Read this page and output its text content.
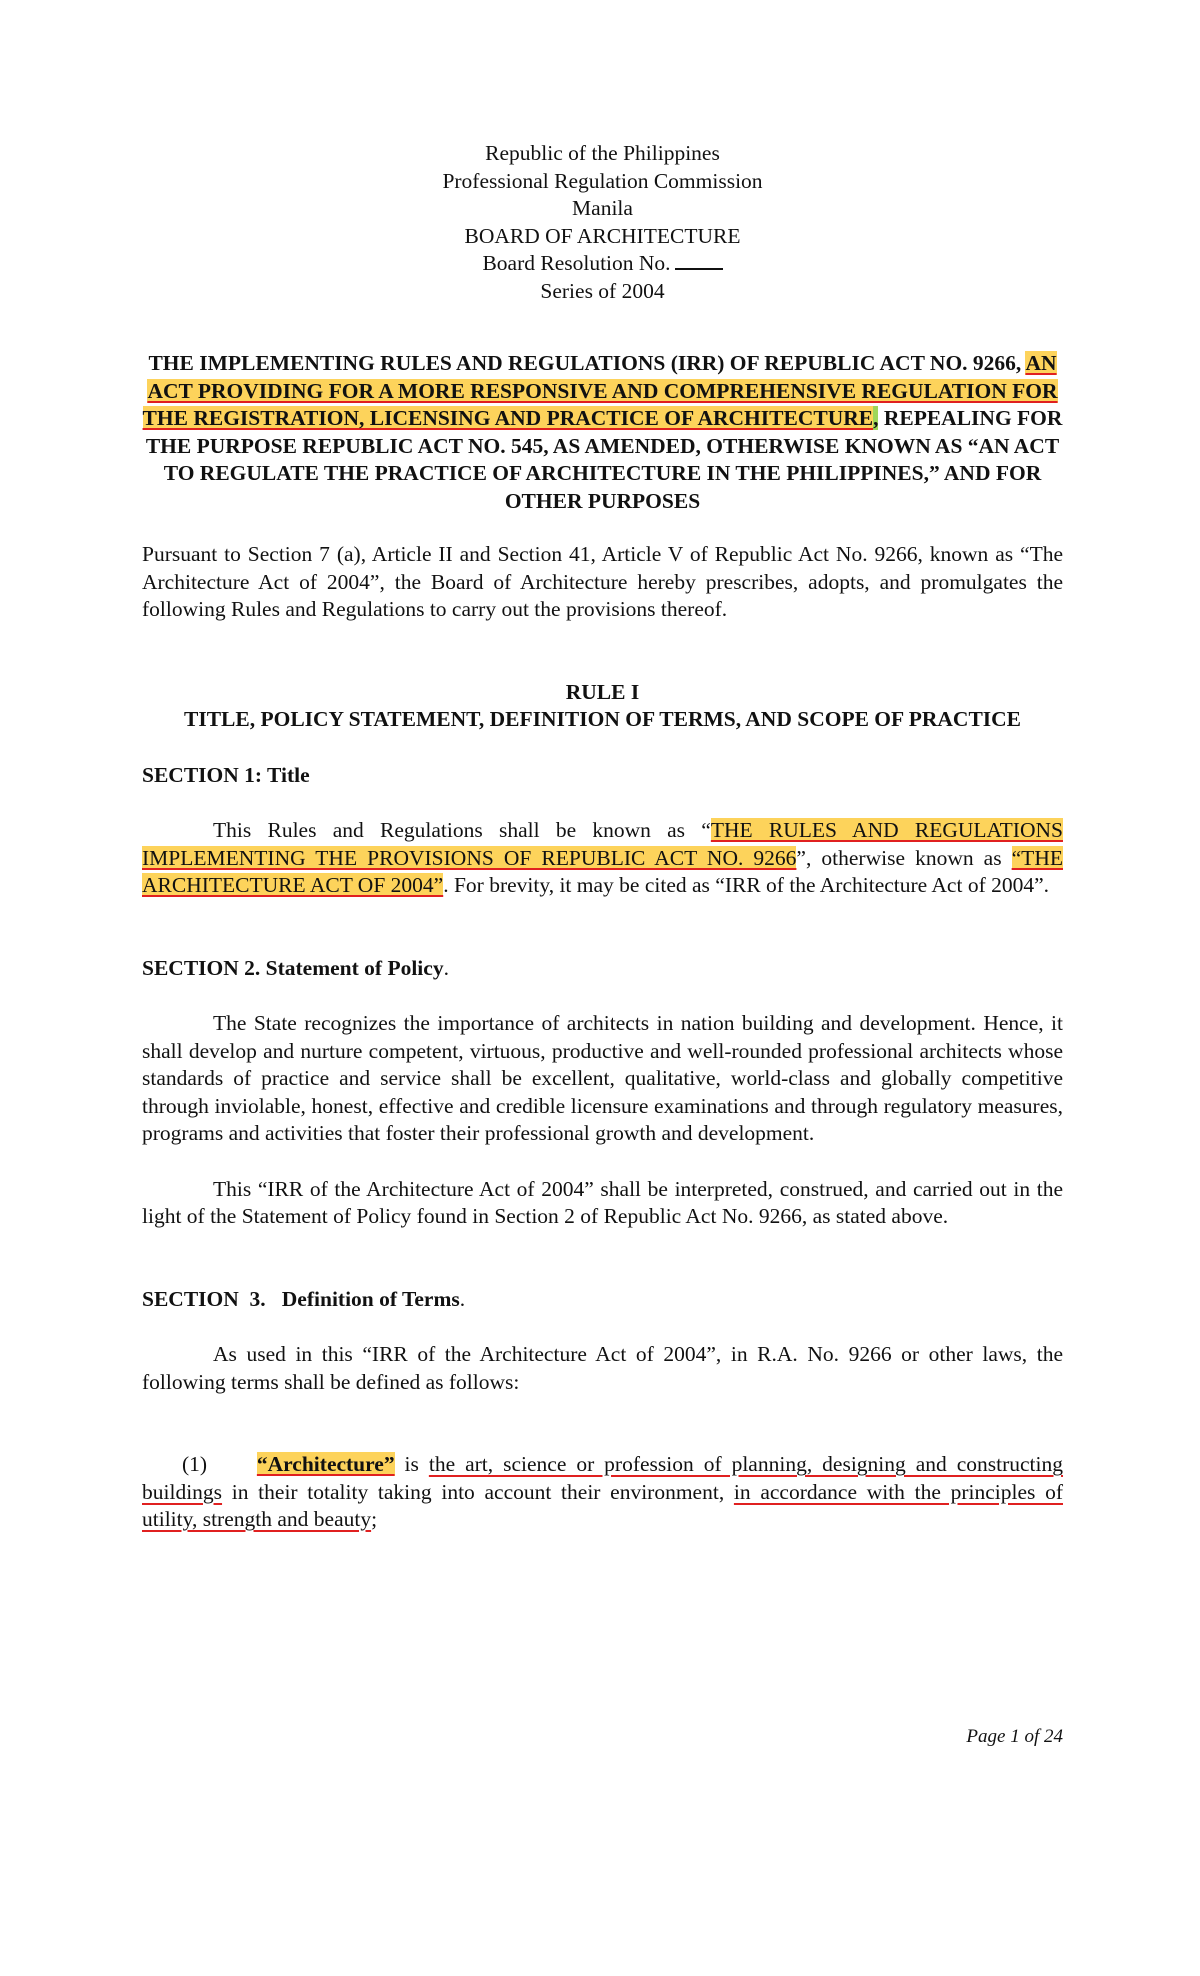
Republic of the Philippines
Professional Regulation Commission
Manila
BOARD OF ARCHITECTURE
Board Resolution No.
Series of 2004
THE IMPLEMENTING RULES AND REGULATIONS (IRR) OF REPUBLIC ACT NO. 9266, AN ACT PROVIDING FOR A MORE RESPONSIVE AND COMPREHENSIVE REGULATION FOR THE REGISTRATION, LICENSING AND PRACTICE OF ARCHITECTURE, REPEALING FOR THE PURPOSE REPUBLIC ACT NO. 545, AS AMENDED, OTHERWISE KNOWN AS “AN ACT TO REGULATE THE PRACTICE OF ARCHITECTURE IN THE PHILIPPINES,” AND FOR OTHER PURPOSES
Pursuant to Section 7 (a), Article II and Section 41, Article V of Republic Act No. 9266, known as “The Architecture Act of 2004”, the Board of Architecture hereby prescribes, adopts, and promulgates the following Rules and Regulations to carry out the provisions thereof.
RULE I
TITLE, POLICY STATEMENT, DEFINITION OF TERMS, AND SCOPE OF PRACTICE
SECTION 1: Title
This Rules and Regulations shall be known as “THE RULES AND REGULATIONS IMPLEMENTING THE PROVISIONS OF REPUBLIC ACT NO. 9266”, otherwise known as “THE ARCHITECTURE ACT OF 2004”. For brevity, it may be cited as “IRR of the Architecture Act of 2004”.
SECTION 2. Statement of Policy.
The State recognizes the importance of architects in nation building and development. Hence, it shall develop and nurture competent, virtuous, productive and well-rounded professional architects whose standards of practice and service shall be excellent, qualitative, world-class and globally competitive through inviolable, honest, effective and credible licensure examinations and through regulatory measures, programs and activities that foster their professional growth and development.
This “IRR of the Architecture Act of 2004” shall be interpreted, construed, and carried out in the light of the Statement of Policy found in Section 2 of Republic Act No. 9266, as stated above.
SECTION  3.   Definition of Terms.
As used in this “IRR of the Architecture Act of 2004”, in R.A. No. 9266 or other laws, the following terms shall be defined as follows:
(1) “Architecture” is the art, science or profession of planning, designing and constructing buildings in their totality taking into account their environment, in accordance with the principles of utility, strength and beauty;
Page 1 of 24
